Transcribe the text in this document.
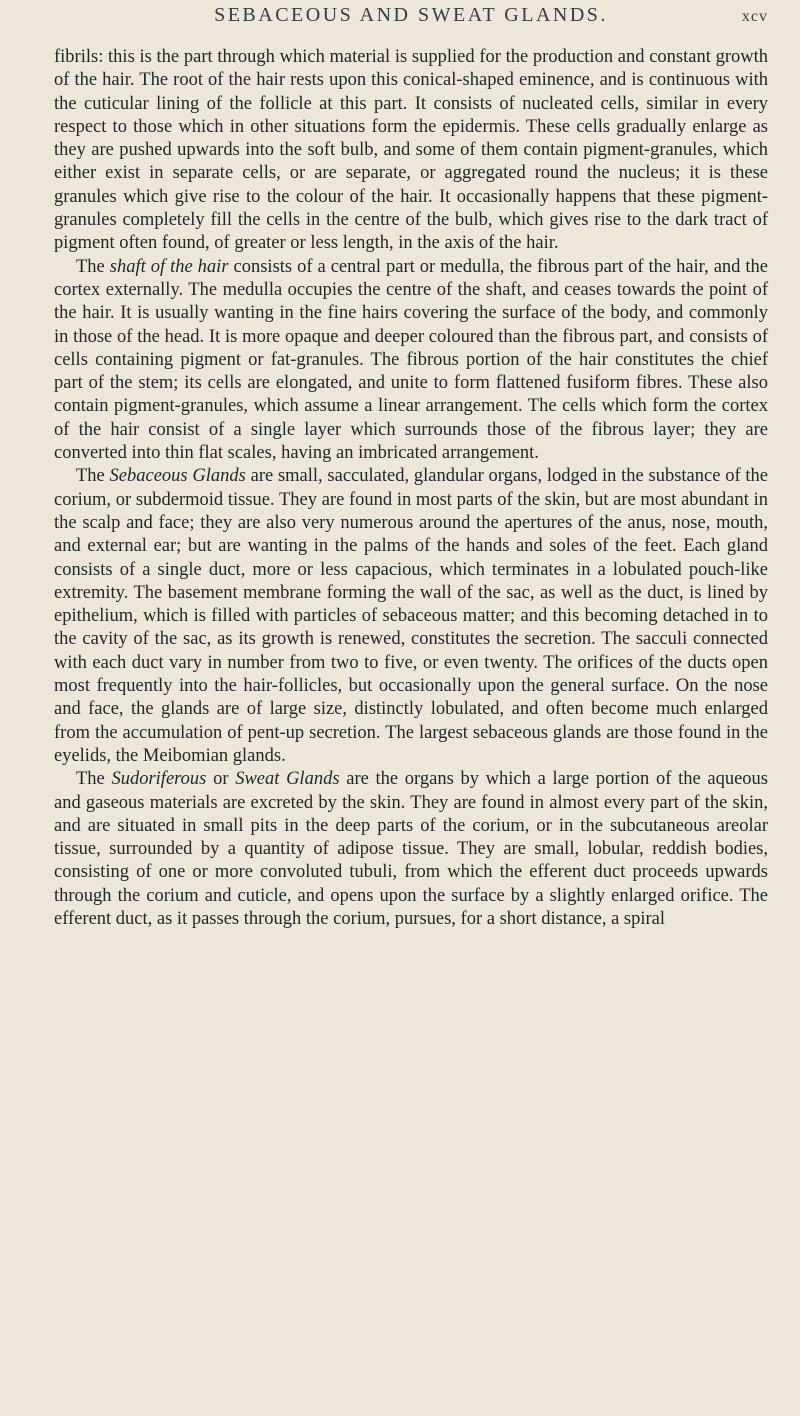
SEBACEOUS AND SWEAT GLANDS.	xcv

fibrils: this is the part through which material is supplied for the production and constant growth of the hair. The root of the hair rests upon this conical-shaped eminence, and is continuous with the cuticular lining of the follicle at this part. It consists of nucleated cells, similar in every respect to those which in other situations form the epidermis. These cells gradually enlarge as they are pushed upwards into the soft bulb, and some of them contain pigment-granules, which either exist in separate cells, or are separate, or aggregated round the nucleus; it is these granules which give rise to the colour of the hair. It occasionally happens that these pigment-granules completely fill the cells in the centre of the bulb, which gives rise to the dark tract of pigment often found, of greater or less length, in the axis of the hair.

The shaft of the hair consists of a central part or medulla, the fibrous part of the hair, and the cortex externally. The medulla occupies the centre of the shaft, and ceases towards the point of the hair. It is usually wanting in the fine hairs covering the surface of the body, and commonly in those of the head. It is more opaque and deeper coloured than the fibrous part, and consists of cells containing pigment or fat-granules. The fibrous portion of the hair constitutes the chief part of the stem; its cells are elongated, and unite to form flattened fusiform fibres. These also contain pigment-granules, which assume a linear arrangement. The cells which form the cortex of the hair consist of a single layer which surrounds those of the fibrous layer; they are converted into thin flat scales, having an imbricated arrangement.

The Sebaceous Glands are small, sacculated, glandular organs, lodged in the substance of the corium, or subdermoid tissue. They are found in most parts of the skin, but are most abundant in the scalp and face; they are also very numerous around the apertures of the anus, nose, mouth, and external ear; but are wanting in the palms of the hands and soles of the feet. Each gland consists of a single duct, more or less capacious, which terminates in a lobulated pouch-like extremity. The basement membrane forming the wall of the sac, as well as the duct, is lined by epithelium, which is filled with particles of sebaceous matter; and this becoming detached in to the cavity of the sac, as its growth is renewed, constitutes the secretion. The sacculi connected with each duct vary in number from two to five, or even twenty. The orifices of the ducts open most frequently into the hair-follicles, but occasionally upon the general surface. On the nose and face, the glands are of large size, distinctly lobulated, and often become much enlarged from the accumulation of pent-up secretion. The largest sebaceous glands are those found in the eyelids, the Meibomian glands.

The Sudoriferous or Sweat Glands are the organs by which a large portion of the aqueous and gaseous materials are excreted by the skin. They are found in almost every part of the skin, and are situated in small pits in the deep parts of the corium, or in the subcutaneous areolar tissue, surrounded by a quantity of adipose tissue. They are small, lobular, reddish bodies, consisting of one or more convoluted tubuli, from which the efferent duct proceeds upwards through the corium and cuticle, and opens upon the surface by a slightly enlarged orifice. The efferent duct, as it passes through the corium, pursues, for a short distance, a spiral
